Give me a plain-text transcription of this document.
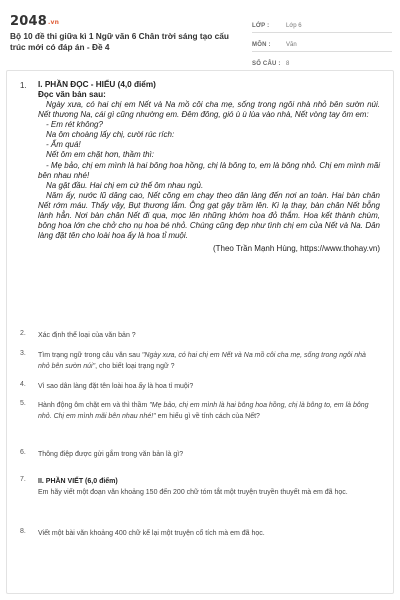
2048.vn
Bộ 10 đề thi giữa kì 1 Ngữ văn 6 Chân trời sáng tạo cấu trúc mới có đáp án - Đề 4
LỚP :	Lớp 6
MÔN :	Văn
SỐ CÂU : 8
1. I. PHẦN ĐỌC - HIỂU (4,0 điểm)
Đọc văn bản sau:
Ngày xưa, có hai chị em Nết và Na mồ côi cha mẹ, sống trong ngôi nhà nhỏ bên sườn núi. Nết thương Na, cái gì cũng nhường em. Đêm đông, gió ù ù lùa vào nhà, Nết vòng tay ôm em:
- Em rét không?
Na ôm choàng lấy chị, cười rúc rích:
- Ấm quá!
Nết ôm em chặt hơn, thầm thì:
- Mẹ bảo, chị em mình là hai bông hoa hồng, chị là bông to, em là bông nhỏ. Chị em mình mãi bên nhau nhé!
Na gật đầu. Hai chị em cứ thế ôm nhau ngủ.
Năm ấy, nước lũ dâng cao, Nết cõng em chạy theo dân làng đến nơi an toàn. Hai bàn chân Nết rớm máu. Thấy vậy, Bụt thương lắm. Ông gạt gậy trầm lên. Kì lạ thay, bàn chân Nết bỗng lành hẳn. Nơi bàn chân Nết đi qua, mọc lên những khóm hoa đỏ thắm. Hoa kết thành chùm, bông hoa lớn che chở cho nụ hoa bé nhỏ. Chúng cũng đẹp như tình chị em của Nết và Na. Dân làng đặt tên cho loài hoa ấy là hoa tỉ muội.
(Theo Trần Mạnh Hùng, https://www.thohay.vn)
2. Xác định thể loại của văn bản ?
3. Tìm trạng ngữ trong câu văn sau "Ngày xưa, có hai chị em Nết và Na mồ côi cha mẹ, sống trong ngôi nhà nhỏ bên sườn núi", cho biết loại trạng ngữ ?
4. Vì sao dân làng đặt tên loài hoa ấy là hoa tỉ muội?
5. Hành động ôm chặt em và thì thầm "Mẹ bảo, chị em mình là hai bông hoa hồng, chị là bông to, em là bông nhỏ. Chị em mình mãi bên nhau nhé!" em hiểu gì về tính cách của Nết?
6. Thông điệp được gửi gắm trong văn bản là gì?
7. II. PHẦN VIẾT (6,0 điểm)
Em hãy viết một đoạn văn khoảng 150 đến 200 chữ tóm tắt một truyện truyền thuyết mà em đã học.
8. Viết một bài văn khoảng 400 chữ kể lại một truyện cổ tích mà em đã học.
